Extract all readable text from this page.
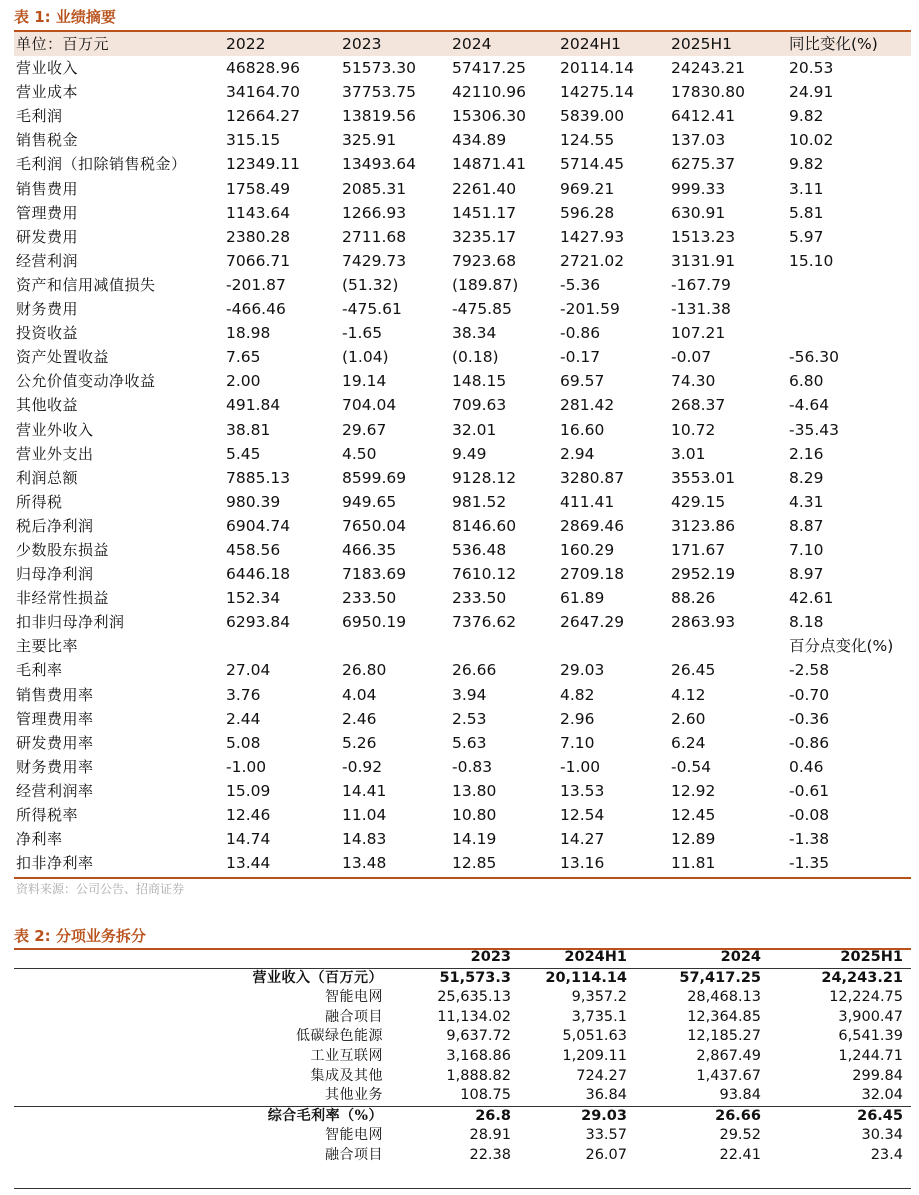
表 1: 业绩摘要
单位：百万元	2022	2023	2024	2024H1	2025H1	同比变化(%)
营业收入	46828.96	51573.30 57417.25 20114.14 24243.21	20.53
营业成本	34164.70	37753.75 42110.96 14275.14 17830.80	24.91
毛利润	12664.27	13819.56 15306.30 5839.00	6412.41	9.82
销售税金	315.15	325.91	434.89	124.55	137.03	10.02
毛利润（扣除销售税金）	12349.11	13493.64 14871.41 5714.45	6275.37	9.82
销售费用	1758.49	2085.31	2261.40	969.21	999.33	3.11
管理费用	1143.64	1266.93	1451.17	596.28	630.91	5.81
研发费用	2380.28	2711.68	3235.17	1427.93	1513.23	5.97
经营利润	7066.71	7429.73	7923.68	2721.02	3131.91	15.10
资产和信用减值损失	-201.87	(51.32)	(189.87)	-5.36	-167.79
财务费用	-466.46	-475.61	-475.85	-201.59	-131.38
投资收益	18.98	-1.65	38.34	-0.86	107.21
资产处置收益	7.65	(1.04)	(0.18)	-0.17	-0.07	-56.30
公允价值变动净收益	2.00	19.14	148.15	69.57	74.30	6.80
其他收益	491.84	704.04	709.63	281.42	268.37	-4.64
营业外收入	38.81	29.67	32.01	16.60	10.72	-35.43
营业外支出	5.45	4.50	9.49	2.94	3.01	2.16
利润总额	7885.13	8599.69	9128.12	3280.87	3553.01	8.29
所得税	980.39	949.65	981.52	411.41	429.15	4.31
税后净利润	6904.74	7650.04	8146.60	2869.46	3123.86	8.87
少数股东损益	458.56	466.35	536.48	160.29	171.67	7.10
归母净利润	6446.18	7183.69	7610.12	2709.18	2952.19	8.97
非经常性损益	152.34	233.50	233.50	61.89	88.26	42.61
扣非归母净利润	6293.84	6950.19	7376.62	2647.29	2863.93	8.18
主要比率	百分点变化(%)
毛利率	27.04	26.80	26.66	29.03	26.45	-2.58
销售费用率	3.76	4.04	3.94	4.82	4.12	-0.70
管理费用率	2.44	2.46	2.53	2.96	2.60	-0.36
研发费用率	5.08	5.26	5.63	7.10	6.24	-0.86
财务费用率	-1.00	-0.92	-0.83	-1.00	-0.54	0.46
经营利润率	15.09	14.41	13.80	13.53	12.92	-0.61
所得税率	12.46	11.04	10.80	12.54	12.45	-0.08
净利率	14.74	14.83	14.19	14.27	12.89	-1.38
扣非净利率	13.44	13.48	12.85	13.16	11.81	-1.35
资料来源：公司公告、招商证券
表 2: 分项业务拆分
2023	2024H1	2024	2025H1
营业收入（百万元）	51,573.3 20,114.14	57,417.25	24,243.21
智能电网	25,635.13	9,357.2	28,468.13	12,224.75
融合项目	11,134.02	3,735.1	12,364.85	3,900.47
低碳绿色能源	9,637.72	5,051.63	12,185.27	6,541.39
工业互联网	3,168.86	1,209.11	2,867.49	1,244.71
集成及其他	1,888.82	724.27	1,437.67	299.84
其他业务	108.75	36.84	93.84	32.04
综合毛利率（%）	26.8	29.03	26.66	26.45
智能电网	28.91	33.57	29.52	30.34
融合项目	22.38	26.07	22.41	23.4
